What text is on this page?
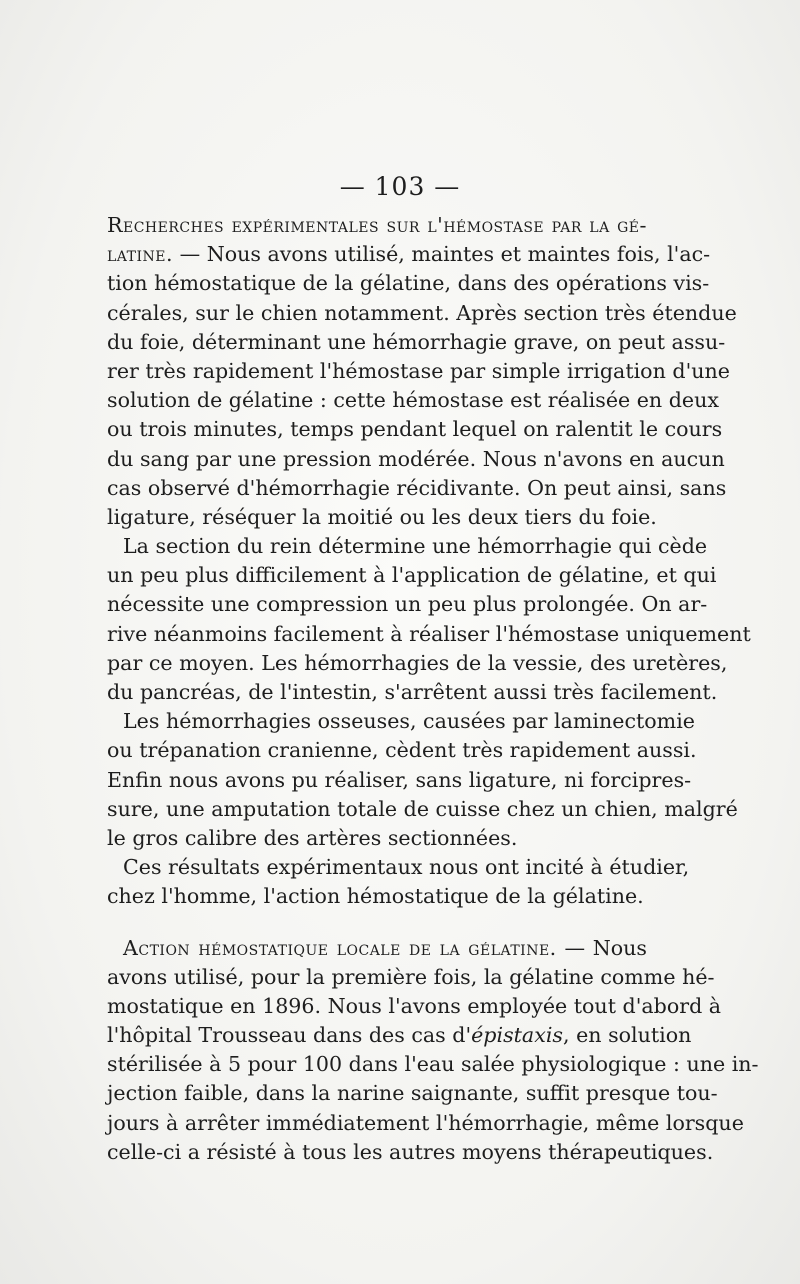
— 103 —
Recherches expérimentales sur l'hémostase par la gé-
latine. — Nous avons utilisé, maintes et maintes fois, l'ac-
tion hémostatique de la gélatine, dans des opérations vis-
cérales, sur le chien notamment. Après section très étendue
du foie, déterminant une hémorrhagie grave, on peut assu-
rer très rapidement l'hémostase par simple irrigation d'une
solution de gélatine : cette hémostase est réalisée en deux
ou trois minutes, temps pendant lequel on ralentit le cours
du sang par une pression modérée. Nous n'avons en aucun
cas observé d'hémorrhagie récidivante. On peut ainsi, sans
ligature, réséquer la moitié ou les deux tiers du foie.
La section du rein détermine une hémorrhagie qui cède
un peu plus difficilement à l'application de gélatine, et qui
nécessite une compression un peu plus prolongée. On ar-
rive néanmoins facilement à réaliser l'hémostase uniquement
par ce moyen. Les hémorrhagies de la vessie, des uretères,
du pancréas, de l'intestin, s'arrêtent aussi très facilement.
Les hémorrhagies osseuses, causées par laminectomie
ou trépanation cranienne, cèdent très rapidement aussi.
Enfin nous avons pu réaliser, sans ligature, ni forcipres-
sure, une amputation totale de cuisse chez un chien, malgré
le gros calibre des artères sectionnées.
Ces résultats expérimentaux nous ont incité à étudier,
chez l'homme, l'action hémostatique de la gélatine.
Action hémostatique locale de la gélatine. — Nous
avons utilisé, pour la première fois, la gélatine comme hé-
mostatique en 1896. Nous l'avons employée tout d'abord à
l'hôpital Trousseau dans des cas d'épistaxis, en solution
stérilisée à 5 pour 100 dans l'eau salée physiologique : une in-
jection faible, dans la narine saignante, suffit presque tou-
jours à arrêter immédiatement l'hémorrhagie, même lorsque
celle-ci a résisté à tous les autres moyens thérapeutiques.
